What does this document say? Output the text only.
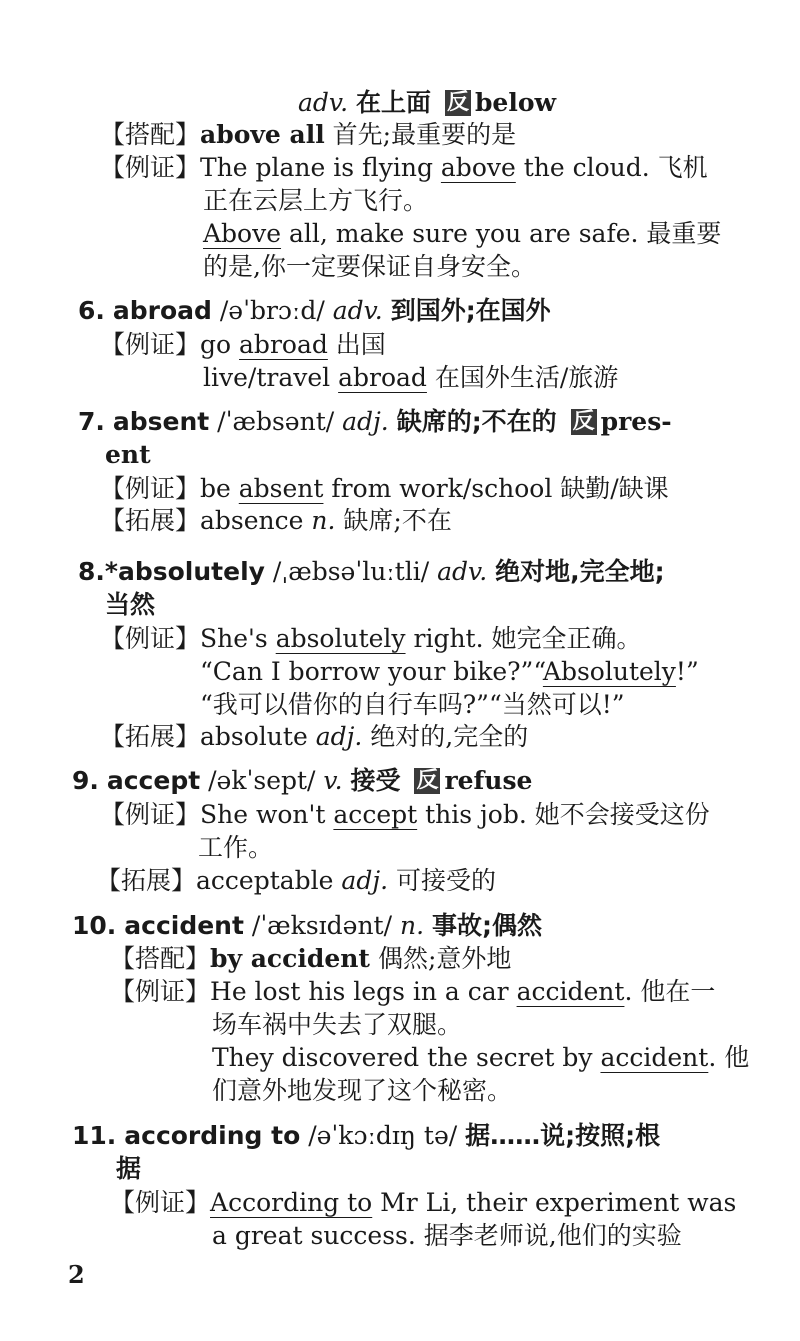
adv. 在上面 反 below
【搭配】above all 首先;最重要的是
【例证】The plane is flying above the cloud. 飞机
正在云层上方飞行。
Above all, make sure you are safe. 最重要
的是,你一定要保证自身安全。
6. abroad /əˈbrɔːd/ adv. 到国外;在国外
【例证】go abroad 出国
live/travel abroad 在国外生活/旅游
7. absent /ˈæbsənt/ adj. 缺席的;不在的 反 pres-
ent
【例证】be absent from work/school 缺勤/缺课
【拓展】absence n. 缺席;不在
8.*absolutely /ˌæbsəˈluːtli/ adv. 绝对地,完全地;
当然
【例证】She's absolutely right. 她完全正确。
“Can I borrow your bike?”“Absolutely!”
“我可以借你的自行车吗?”“当然可以!”
【拓展】absolute adj. 绝对的,完全的
9. accept /əkˈsept/ v. 接受 反 refuse
【例证】She won't accept this job. 她不会接受这份
工作。
【拓展】acceptable adj. 可接受的
10. accident /ˈæksɪdənt/ n. 事故;偶然
【搭配】by accident 偶然;意外地
【例证】He lost his legs in a car accident. 他在一
场车祸中失去了双腿。
They discovered the secret by accident. 他
们意外地发现了这个秘密。
11. according to /əˈkɔːdɪŋ tə/ 据……说;按照;根
据
【例证】According to Mr Li, their experiment was
a great success. 据李老师说,他们的实验
2
